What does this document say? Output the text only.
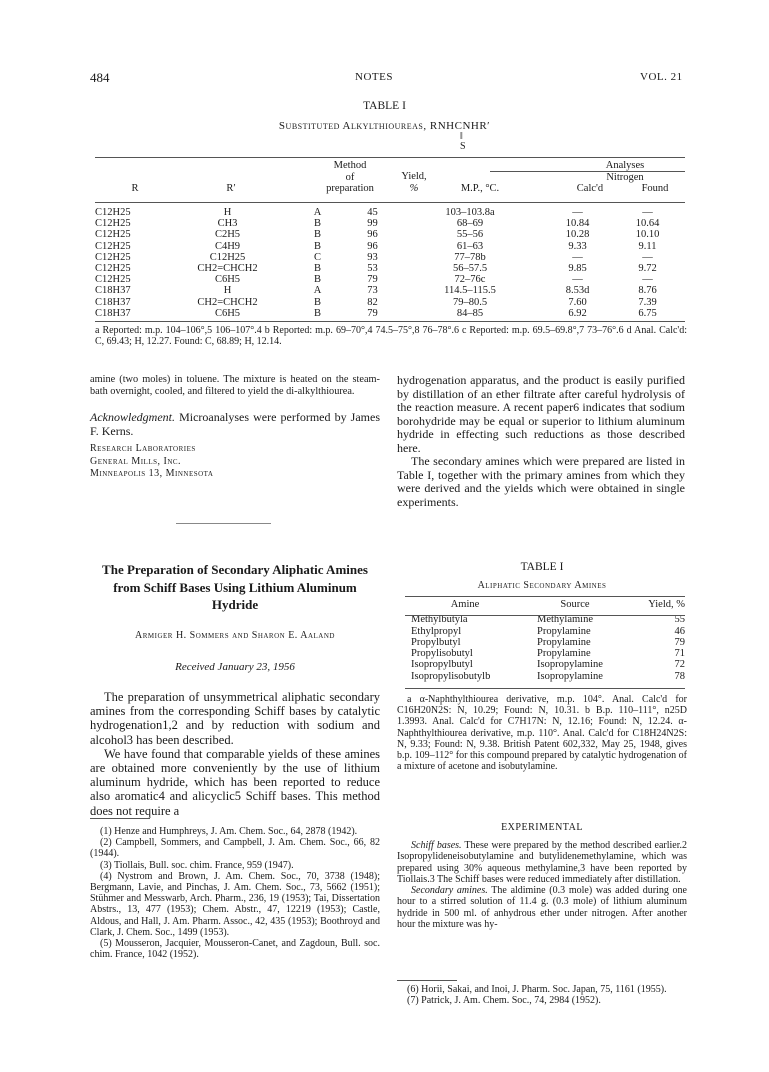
484	NOTES	VOL. 21
TABLE I
Substituted Alkylthioureas, RNHCNHR′
‖
S
Method
of
preparation
Yield,
%
Analyses
Nitrogen
R	R′	M.P., °C.	Calc'd	Found
C12H25	H	A	45	103–103.8a	—	—
C12H25	CH3	B	99	68–69	10.84	10.64
C12H25	C2H5	B	96	55–56	10.28	10.10
C12H25	C4H9	B	96	61–63	9.33	9.11
C12H25	C12H25	C	93	77–78b	—	—
C12H25	CH2=CHCH2	B	53	56–57.5	9.85	9.72
C12H25	C6H5	B	79	72–76c	—	—
C18H37	H	A	73	114.5–115.5	8.53d	8.76
C18H37	CH2=CHCH2	B	82	79–80.5	7.60	7.39
C18H37	C6H5	B	79	84–85	6.92	6.75
a Reported: m.p. 104–106°,5 106–107°.4 b Reported: m.p. 69–70°,4 74.5–75°,8 76–78°.6 c Reported: m.p. 69.5–69.8°,7 73–76°.6 d Anal. Calc'd: C, 69.43; H, 12.27. Found: C, 68.89; H, 12.14.
amine (two moles) in toluene. The mixture is heated on the steam-bath overnight, cooled, and filtered to yield the di-alkylthiourea.
Acknowledgment. Microanalyses were performed by James F. Kerns.
Research Laboratories
General Mills, Inc.
Minneapolis 13, Minnesota

hydrogenation apparatus, and the product is easily purified by distillation of an ether filtrate after careful hydrolysis of the reaction measure. A recent paper6 indicates that sodium borohydride may be equal or superior to lithium aluminum hydride in effecting such reductions as those described here.

The secondary amines which were prepared are listed in Table I, together with the primary amines from which they were derived and the yields which were obtained in single experiments.

The Preparation of Secondary Aliphatic Amines from Schiff Bases Using Lithium Aluminum Hydride
Armiger H. Sommers and Sharon E. Aaland
Received January 23, 1956

The preparation of unsymmetrical aliphatic secondary amines from the corresponding Schiff bases by catalytic hydrogenation1,2 and by reduction with sodium and alcohol3 has been described.

We have found that comparable yields of these amines are obtained more conveniently by the use of lithium aluminum hydride, which has been reported to reduce also aromatic4 and alicyclic5 Schiff bases. This method does not require a

(1) Henze and Humphreys, J. Am. Chem. Soc., 64, 2878 (1942).
(2) Campbell, Sommers, and Campbell, J. Am. Chem. Soc., 66, 82 (1944).
(3) Tiollais, Bull. soc. chim. France, 959 (1947).
(4) Nystrom and Brown, J. Am. Chem. Soc., 70, 3738 (1948); Bergmann, Lavie, and Pinchas, J. Am. Chem. Soc., 73, 5662 (1951); Stühmer and Messwarb, Arch. Pharm., 236, 19 (1953); Tai, Dissertation Abstrs., 13, 477 (1953); Chem. Abstr., 47, 12219 (1953); Castle, Aldous, and Hall, J. Am. Pharm. Assoc., 42, 435 (1953); Boothroyd and Clark, J. Chem. Soc., 1499 (1953).
(5) Mousseron, Jacquier, Mousseron-Canet, and Zagdoun, Bull. soc. chim. France, 1042 (1952).
TABLE I
Aliphatic Secondary Amines
Amine	Source	Yield, %
Methylbutyla	Methylamine	55
Ethylpropyl	Propylamine	46
Propylbutyl	Propylamine	79
Propylisobutyl	Propylamine	71
Isopropylbutyl	Isopropylamine	72
Isopropylisobutylb	Isopropylamine	78
a α-Naphthylthiourea derivative, m.p. 104°. Anal. Calc'd for C16H20N2S: N, 10.29; Found: N, 10.31. b B.p. 110–111°, n25D 1.3993. Anal. Calc'd for C7H17N: N, 12.16; Found: N, 12.24. α-Naphthylthiourea derivative, m.p. 110°. Anal. Calc'd for C18H24N2S: N, 9.33; Found: N, 9.38. British Patent 602,332, May 25, 1948, gives b.p. 109–112° for this compound prepared by catalytic hydrogenation of a mixture of acetone and isobutylamine.
EXPERIMENTAL

Schiff bases. These were prepared by the method described earlier.2 Isopropylideneisobutylamine and butylidenemethylamine, which was prepared using 30% aqueous methylamine,3 have been reported by Tiollais.3 The Schiff bases were reduced immediately after distillation.

Secondary amines. The aldimine (0.3 mole) was added during one hour to a stirred solution of 11.4 g. (0.3 mole) of lithium aluminum hydride in 500 ml. of anhydrous ether under nitrogen. After another hour the mixture was hy-

(6) Horii, Sakai, and Inoi, J. Pharm. Soc. Japan, 75, 1161 (1955).
(7) Patrick, J. Am. Chem. Soc., 74, 2984 (1952).
